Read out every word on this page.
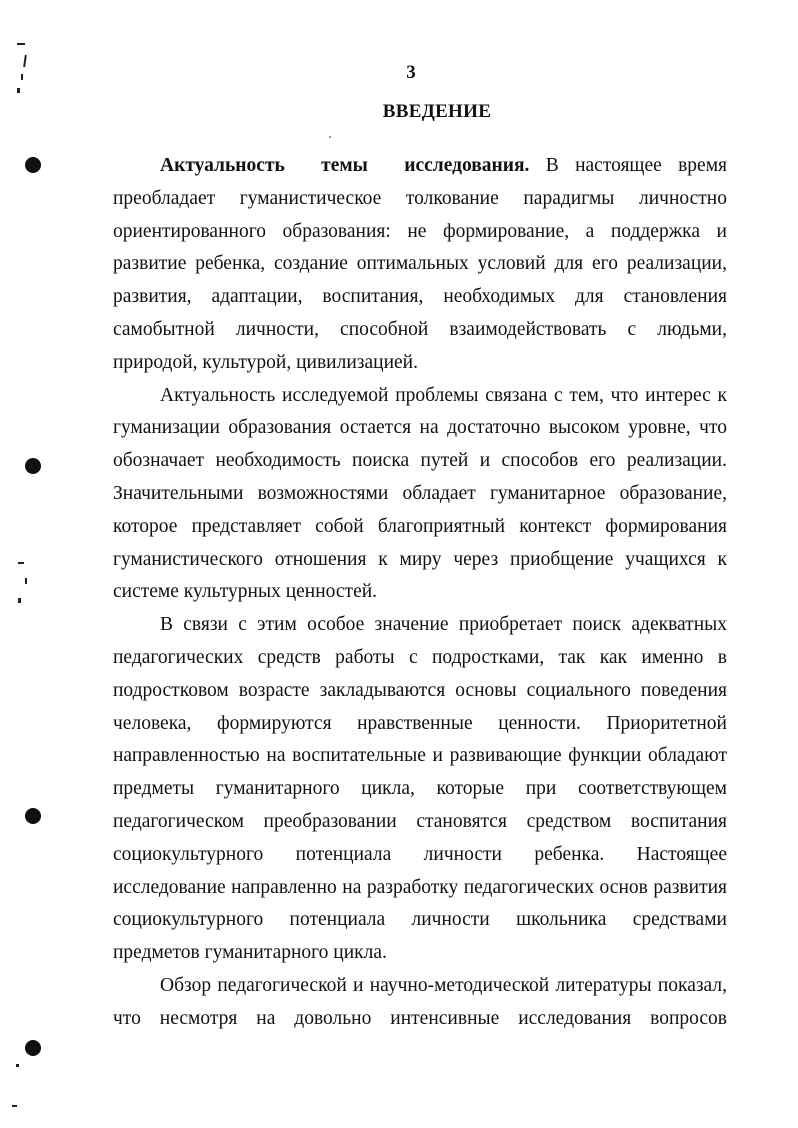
3
ВВЕДЕНИЕ

Актуальность темы исследования. В настоящее время преобладает гуманистическое толкование парадигмы личностно ориентированного образования: не формирование, а поддержка и развитие ребенка, создание оптимальных условий для его реализации, развития, адаптации, воспитания, необходимых для становления самобытной личности, способной взаимодействовать с людьми, природой, культурой, цивилизацией.

Актуальность исследуемой проблемы связана с тем, что интерес к гуманизации образования остается на достаточно высоком уровне, что обозначает необходимость поиска путей и способов его реализации. Значительными возможностями обладает гуманитарное образование, которое представляет собой благоприятный контекст формирования гуманистического отношения к миру через приобщение учащихся к системе культурных ценностей.

В связи с этим особое значение приобретает поиск адекватных педагогических средств работы с подростками, так как именно в подростковом возрасте закладываются основы социального поведения человека, формируются нравственные ценности. Приоритетной направленностью на воспитательные и развивающие функции обладают предметы гуманитарного цикла, которые при соответствующем педагогическом преобразовании становятся средством воспитания социокультурного потенциала личности ребенка. Настоящее исследование направленно на разработку педагогических основ развития социокультурного потенциала личности школьника средствами предметов гуманитарного цикла.

Обзор педагогической и научно-методической литературы показал, что несмотря на довольно интенсивные исследования вопросов
